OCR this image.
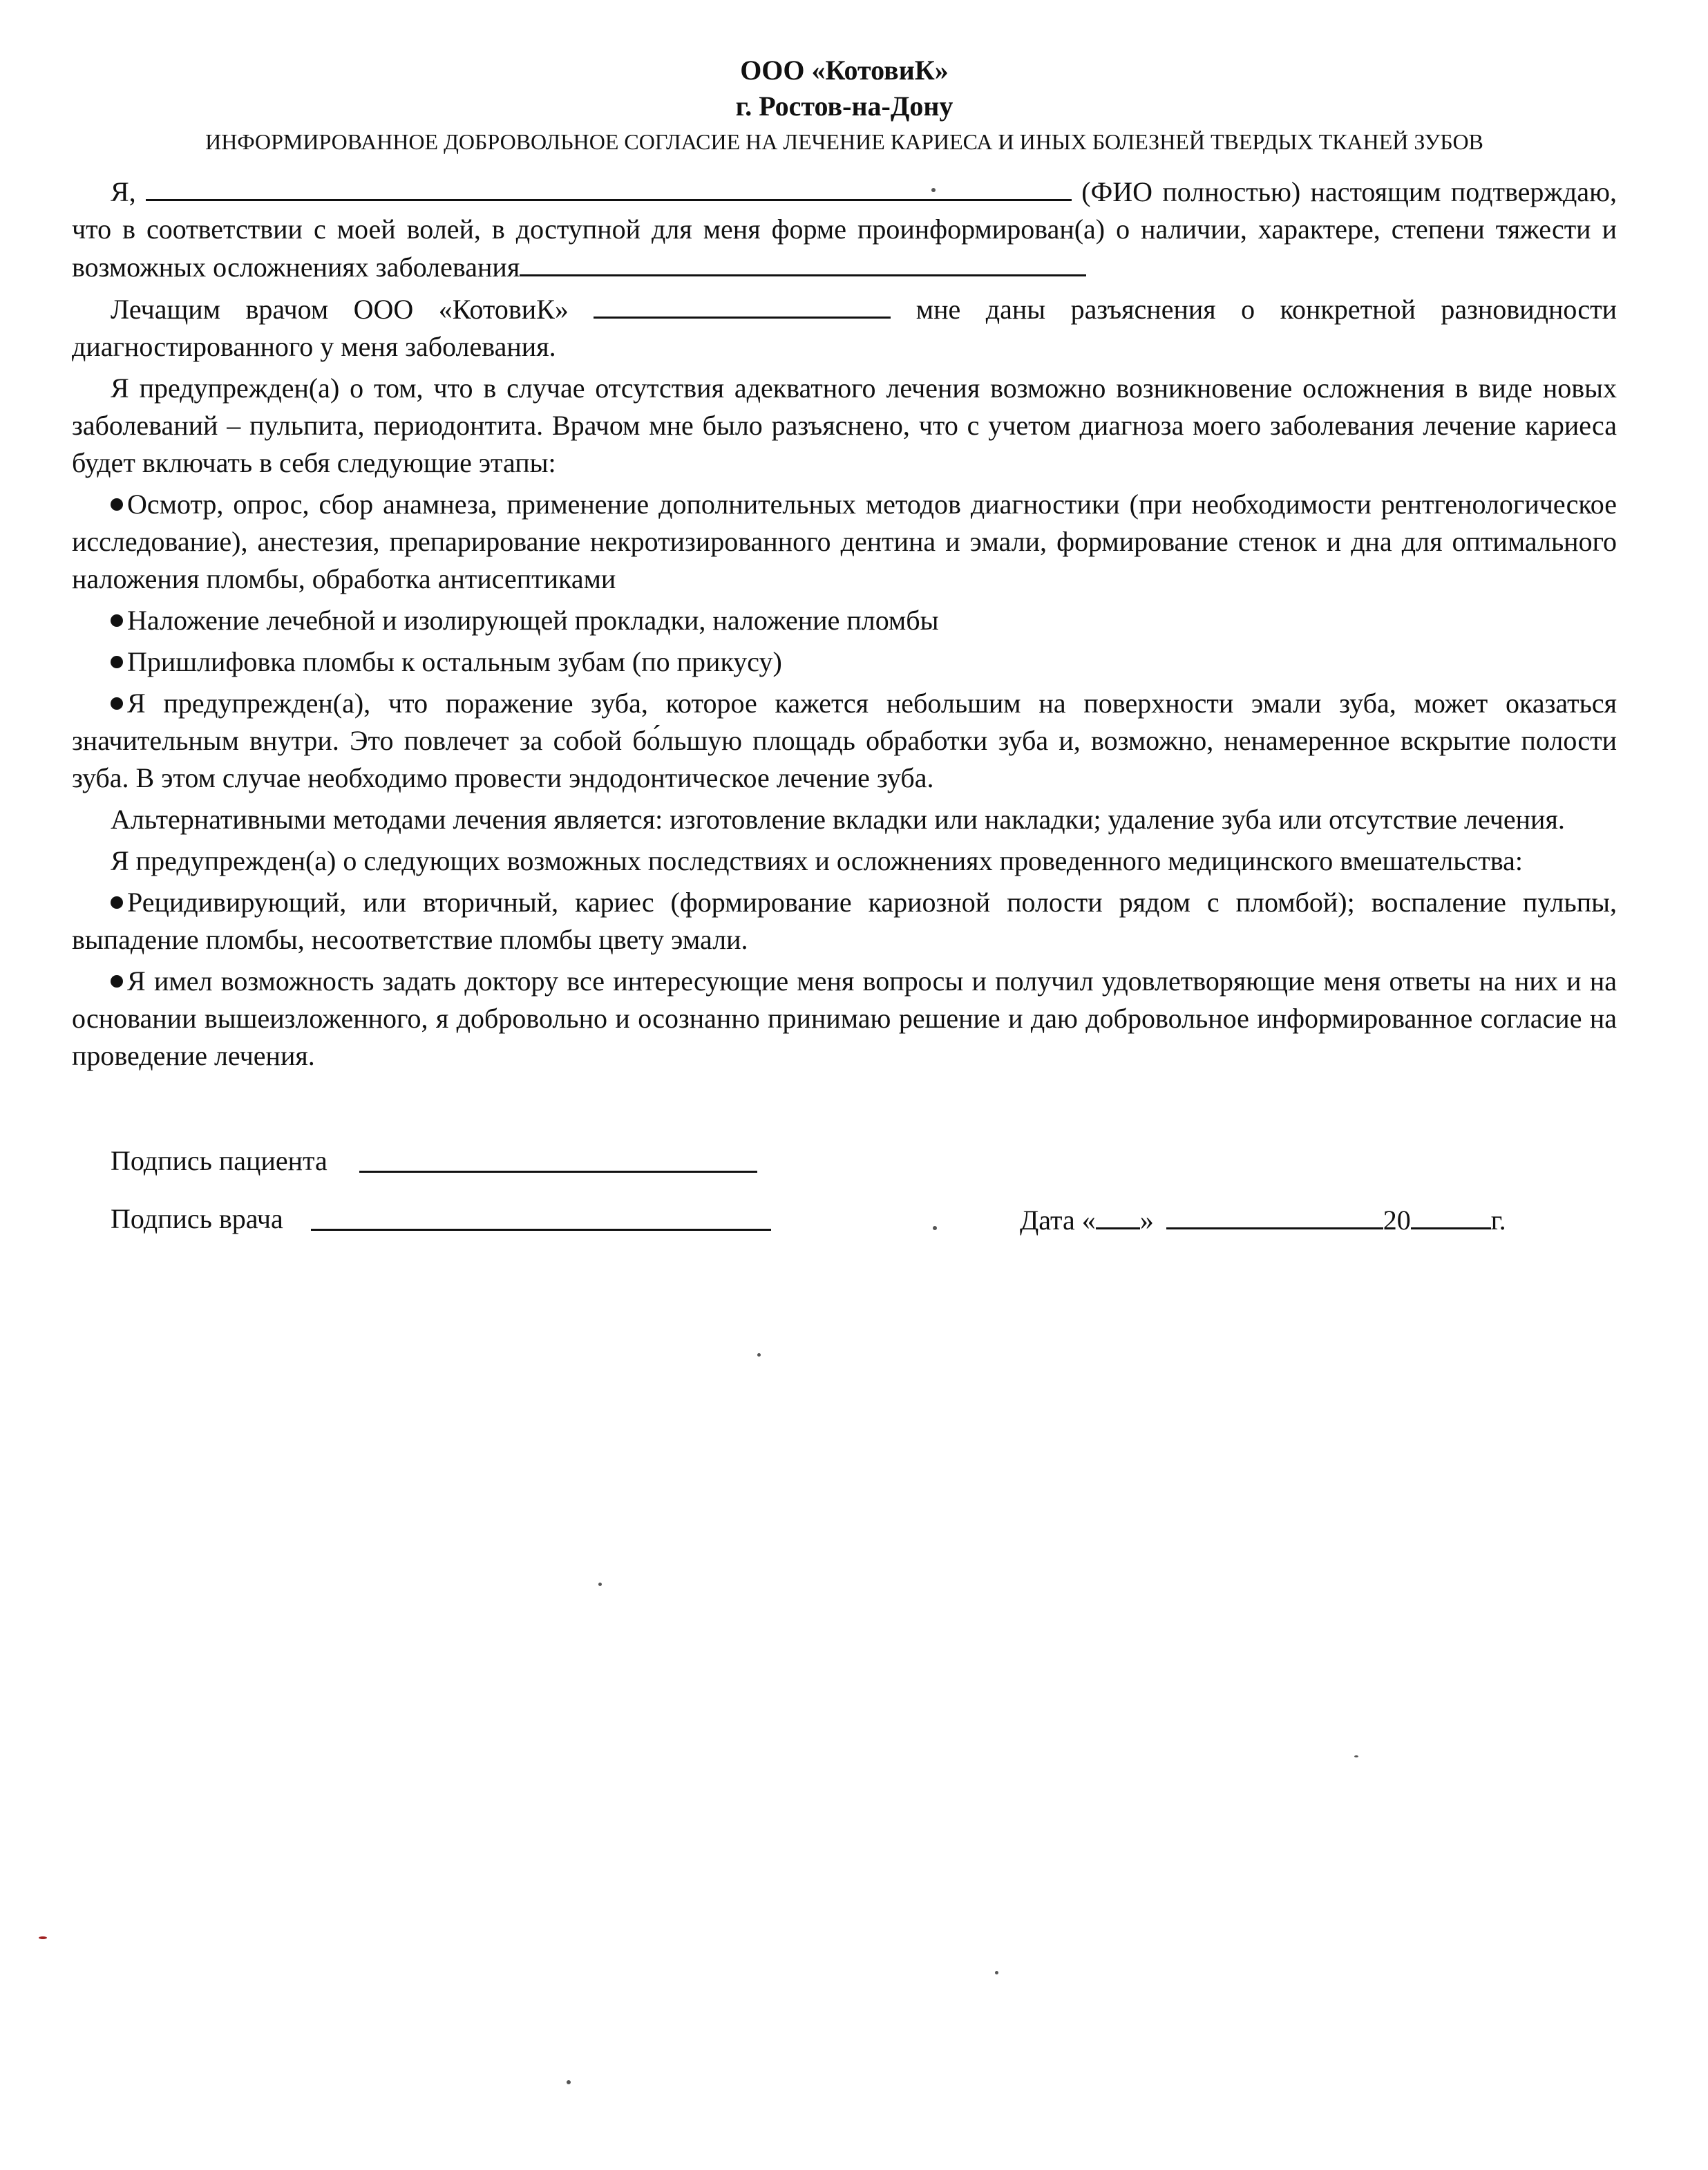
ООО «КотовиК»
г. Ростов-на-Дону
ИНФОРМИРОВАННОЕ ДОБРОВОЛЬНОЕ СОГЛАСИЕ НА ЛЕЧЕНИЕ КАРИЕСА И ИНЫХ БОЛЕЗНЕЙ ТВЕРДЫХ ТКАНЕЙ ЗУБОВ

Я,	(ФИО полностью) настоящим подтверждаю, что в соответствии с моей волей, в доступной для меня форме проинформирован(а) о наличии, характере, степени тяжести и возможных осложнениях заболевания

Лечащим врачом ООО «КотовиК»	мне даны разъяснения о конкретной разновидности диагностированного у меня заболевания.

Я предупрежден(а) о том, что в случае отсутствия адекватного лечения возможно возникновение осложнения в виде новых заболеваний – пульпита, периодонтита. Врачом мне было разъяснено, что с учетом диагноза моего заболевания лечение кариеса будет включать в себя следующие этапы:

Осмотр, опрос, сбор анамнеза, применение дополнительных методов диагностики (при необходимости рентгенологическое исследование), анестезия, препарирование некротизированного дентина и эмали, формирование стенок и дна для оптимального наложения пломбы, обработка антисептиками

Наложение лечебной и изолирующей прокладки, наложение пломбы

Пришлифовка пломбы к остальным зубам (по прикусу)

Я предупрежден(а), что поражение зуба, которое кажется небольшим на поверхности эмали зуба, может оказаться значительным внутри. Это повлечет за собой бо́льшую площадь обработки зуба и, возможно, ненамеренное вскрытие полости зуба. В этом случае необходимо провести эндодонтическое лечение зуба.

Альтернативными методами лечения является: изготовление вкладки или накладки; удаление зуба или отсутствие лечения.

Я предупрежден(а) о следующих возможных последствиях и осложнениях проведенного медицинского вмешательства:

Рецидивирующий, или вторичный, кариес (формирование кариозной полости рядом с пломбой); воспаление пульпы, выпадение пломбы, несоответствие пломбы цвету эмали.

Я имел возможность задать доктору все интересующие меня вопросы и получил удовлетворяющие меня ответы на них и на основании вышеизложенного, я добровольно и осознанно принимаю решение и даю добровольное информированное согласие на проведение лечения.

Подпись пациента
Подпись врача	Дата « »	20	г.
